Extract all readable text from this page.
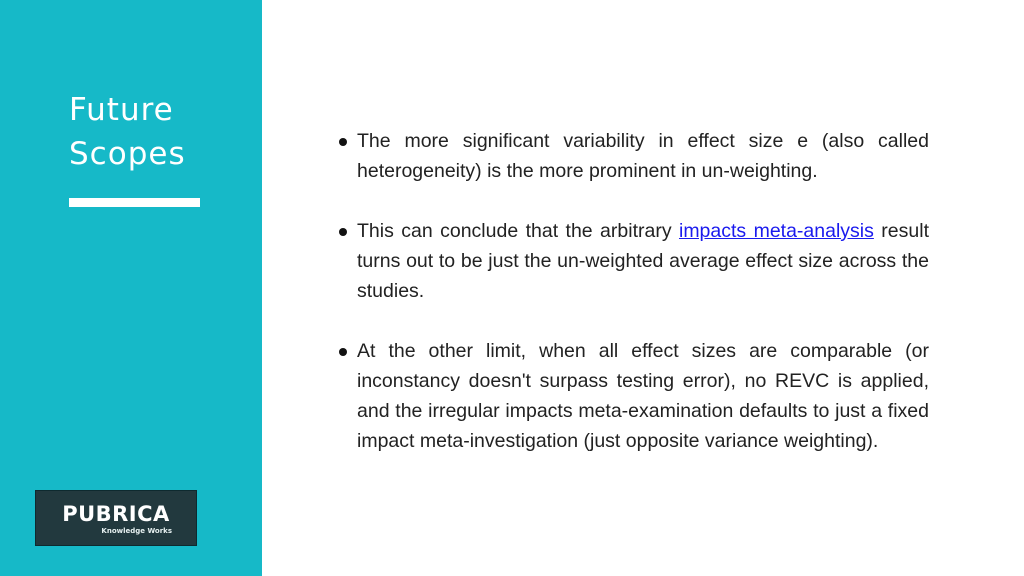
Future
Scopes
PUBRICA
Knowledge Works

The more significant variability in effect size e (also called heterogeneity) is the more prominent in un-weighting.

This can conclude that the arbitrary impacts meta-analysis result turns out to be just the un-weighted average effect size across the studies.

At the other limit, when all effect sizes are comparable (or inconstancy doesn't surpass testing error), no REVC is applied, and the irregular impacts meta-examination defaults to just a fixed impact meta-investigation (just opposite variance weighting).
